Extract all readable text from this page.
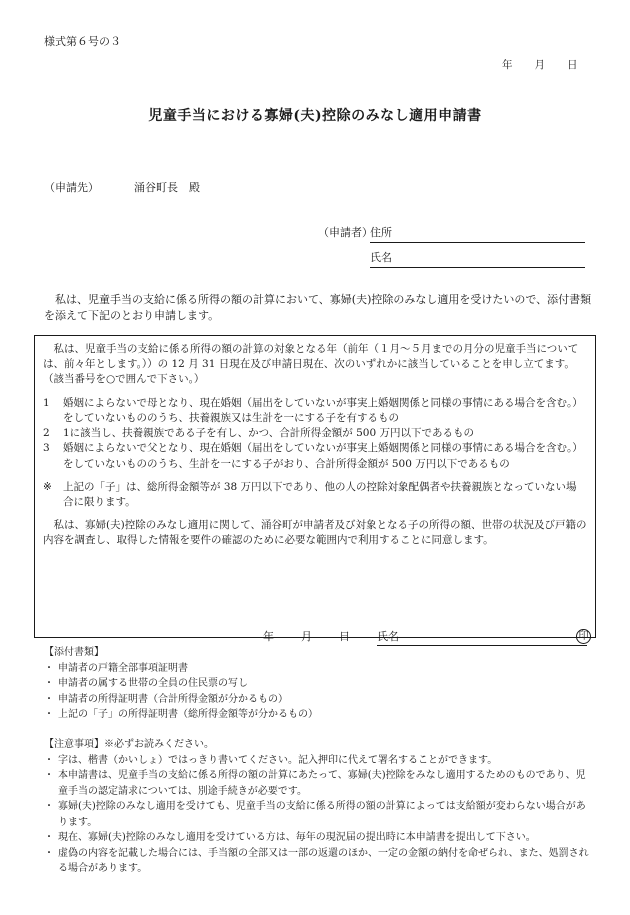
様式第６号の３
年 月 日
児童手当における寡婦(夫)控除のみなし適用申請書
（申請先）	涌谷町長　殿
（申請者）住所
氏名

私は、児童手当の支給に係る所得の額の計算において、寡婦(夫)控除のみなし適用を受けたいので、添付書類を添えて下記のとおり申請します。

私は、児童手当の支給に係る所得の額の計算の対象となる年（前年（１月～５月までの月分の児童手当については、前々年とします。））の 12 月 31 日現在及び申請日現在、次のいずれかに該当していることを申し立てます。（該当番号を○で囲んで下さい。）

1	婚姻によらないで母となり、現在婚姻（届出をしていないが事実上婚姻関係と同様の事情にある場合を含む。）をしていないもののうち、扶養親族又は生計を一にする子を有するもの
2	1に該当し、扶養親族である子を有し、かつ、合計所得金額が 500 万円以下であるもの
3	婚姻によらないで父となり、現在婚姻（届出をしていないが事実上婚姻関係と同様の事情にある場合を含む。）をしていないもののうち、生計を一にする子がおり、合計所得金額が 500 万円以下であるもの
※	上記の「子」は、総所得金額等が 38 万円以下であり、他の人の控除対象配偶者や扶養親族となっていない場合に限ります。

私は、寡婦(夫)控除のみなし適用に関して、涌谷町が申請者及び対象となる子の所得の額、世帯の状況及び戸籍の内容を調査し、取得した情報を要件の確認のために必要な範囲内で利用することに同意します。

年 月 日	氏名	印
【添付書類】
・ 申請者の戸籍全部事項証明書
・ 申請者の属する世帯の全員の住民票の写し
・ 申請者の所得証明書（合計所得金額が分かるもの）
・ 上記の「子」の所得証明書（総所得金額等が分かるもの）
【注意事項】※必ずお読みください。
・ 字は、楷書（かいしょ）ではっきり書いてください。記入押印に代えて署名することができます。
・ 本申請書は、児童手当の支給に係る所得の額の計算にあたって、寡婦(夫)控除をみなし適用するためのものであり、児童手当の認定請求については、別途手続きが必要です。
・ 寡婦(夫)控除のみなし適用を受けても、児童手当の支給に係る所得の額の計算によっては支給額が変わらない場合があります。
・ 現在、寡婦(夫)控除のみなし適用を受けている方は、毎年の現況届の提出時に本申請書を提出して下さい。
・ 虚偽の内容を記載した場合には、手当額の全部又は一部の返還のほか、一定の金額の納付を命ぜられ、また、処罰される場合があります。
